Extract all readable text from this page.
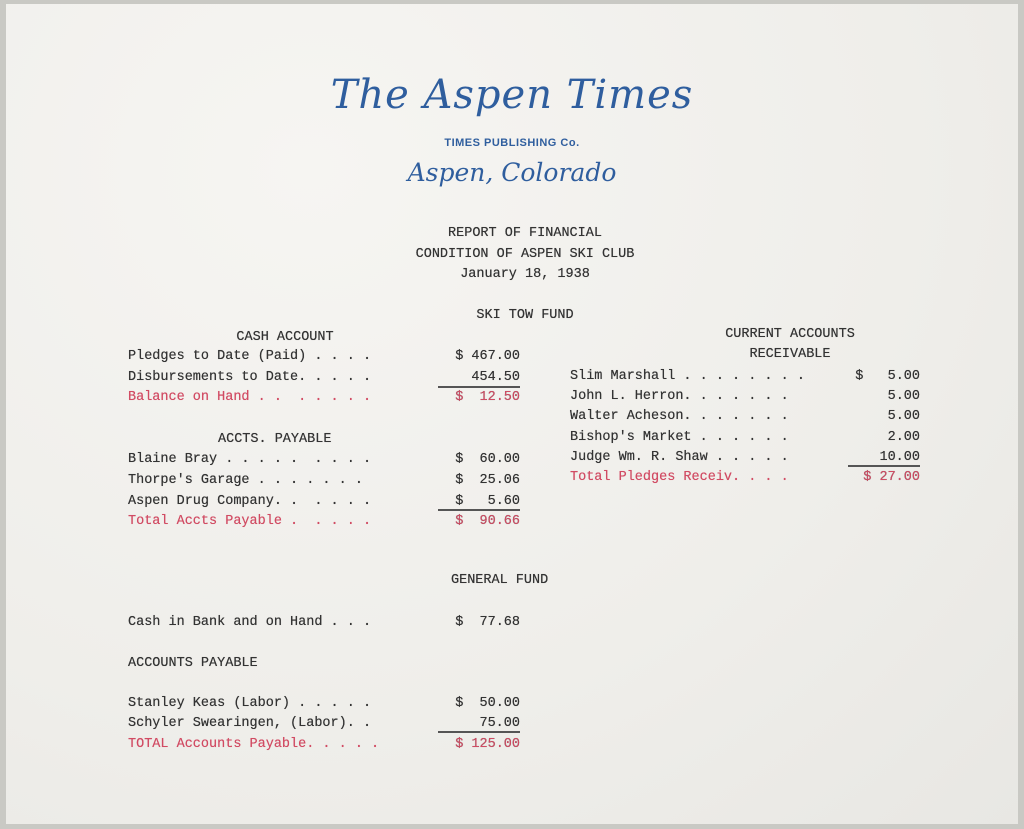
The Aspen Times
TIMES PUBLISHING Co.
Aspen, Colorado
REPORT OF FINANCIAL
CONDITION OF ASPEN SKI CLUB
January 18, 1938
SKI TOW FUND
CASH ACCOUNT
Pledges to Date (Paid) . . . .	$ 467.00
Disbursements to Date. . . . .	454.50
Balance on Hand . .  . . . . .	$  12.50
ACCTS. PAYABLE
Blaine Bray . . . . .  . . . .	$  60.00
Thorpe's Garage . . . . . . .	$  25.06
Aspen Drug Company. .  . . . .	$   5.60
Total Accts Payable .  . . . .	$  90.66
CURRENT ACCOUNTS
RECEIVABLE
Slim Marshall . . . . . . . .	$   5.00
John L. Herron. . . . . . .	5.00
Walter Acheson. . . . . . .	5.00
Bishop's Market . . . . . .	2.00
Judge Wm. R. Shaw . . . . .	10.00
Total Pledges Receiv. . . .	$ 27.00
GENERAL FUND
Cash in Bank and on Hand . . .	$  77.68
ACCOUNTS PAYABLE
Stanley Keas (Labor) . . . . .	$  50.00
Schyler Swearingen, (Labor). .	75.00
TOTAL Accounts Payable. . . . .	$ 125.00
